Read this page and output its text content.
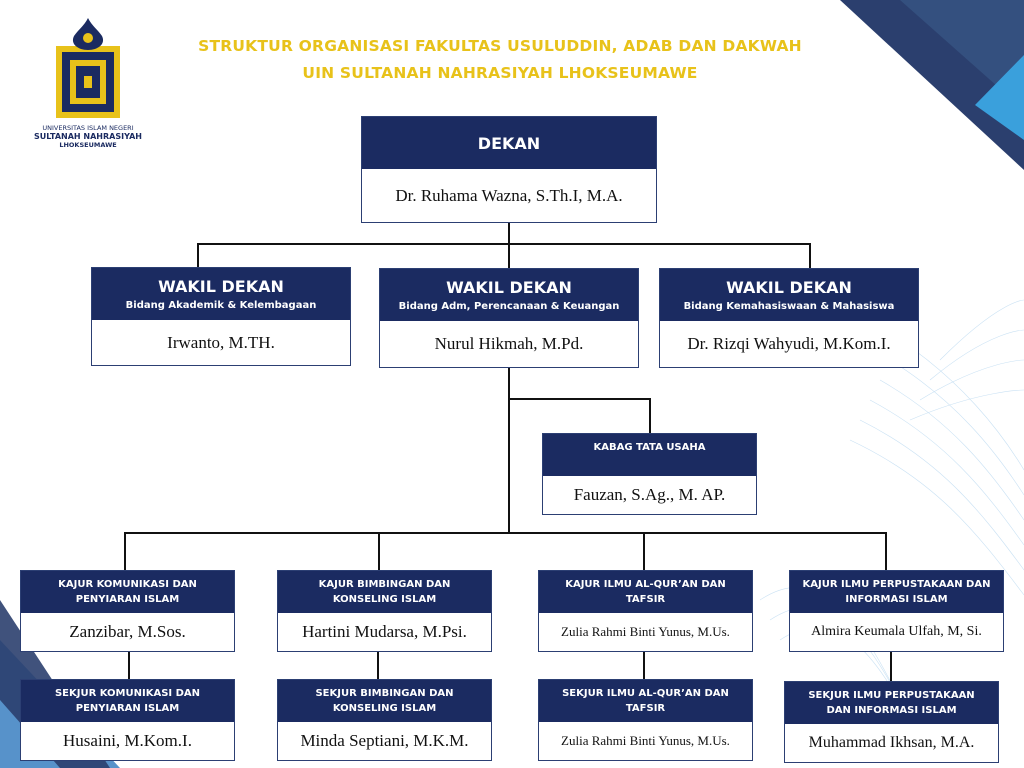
UNIVERSITAS ISLAM NEGERI
SULTANAH NAHRASIYAH
LHOKSEUMAWE
STRUKTUR ORGANISASI FAKULTAS USULUDDIN, ADAB DAN DAKWAH
UIN SULTANAH NAHRASIYAH LHOKSEUMAWE
DEKAN
Dr. Ruhama Wazna, S.Th.I, M.A.
WAKIL DEKAN
Bidang Akademik & Kelembagaan
Irwanto, M.TH.
WAKIL DEKAN
Bidang Adm, Perencanaan & Keuangan
Nurul Hikmah, M.Pd.
WAKIL DEKAN
Bidang Kemahasiswaan & Mahasiswa
Dr. Rizqi Wahyudi, M.Kom.I.
KABAG TATA USAHA
Fauzan, S.Ag., M. AP.
KAJUR KOMUNIKASI DAN PENYIARAN ISLAM
Zanzibar, M.Sos.
KAJUR BIMBINGAN DAN KONSELING ISLAM
Hartini Mudarsa, M.Psi.
KAJUR ILMU AL-QUR’AN DAN TAFSIR
Zulia Rahmi Binti Yunus, M.Us.
KAJUR ILMU PERPUSTAKAAN DAN INFORMASI ISLAM
Almira Keumala Ulfah, M, Si.
SEKJUR KOMUNIKASI DAN PENYIARAN ISLAM
Husaini, M.Kom.I.
SEKJUR BIMBINGAN DAN KONSELING ISLAM
Minda Septiani, M.K.M.
SEKJUR ILMU AL-QUR’AN DAN TAFSIR
Zulia Rahmi Binti Yunus, M.Us.
SEKJUR ILMU PERPUSTAKAAN DAN INFORMASI ISLAM
Muhammad Ikhsan, M.A.
